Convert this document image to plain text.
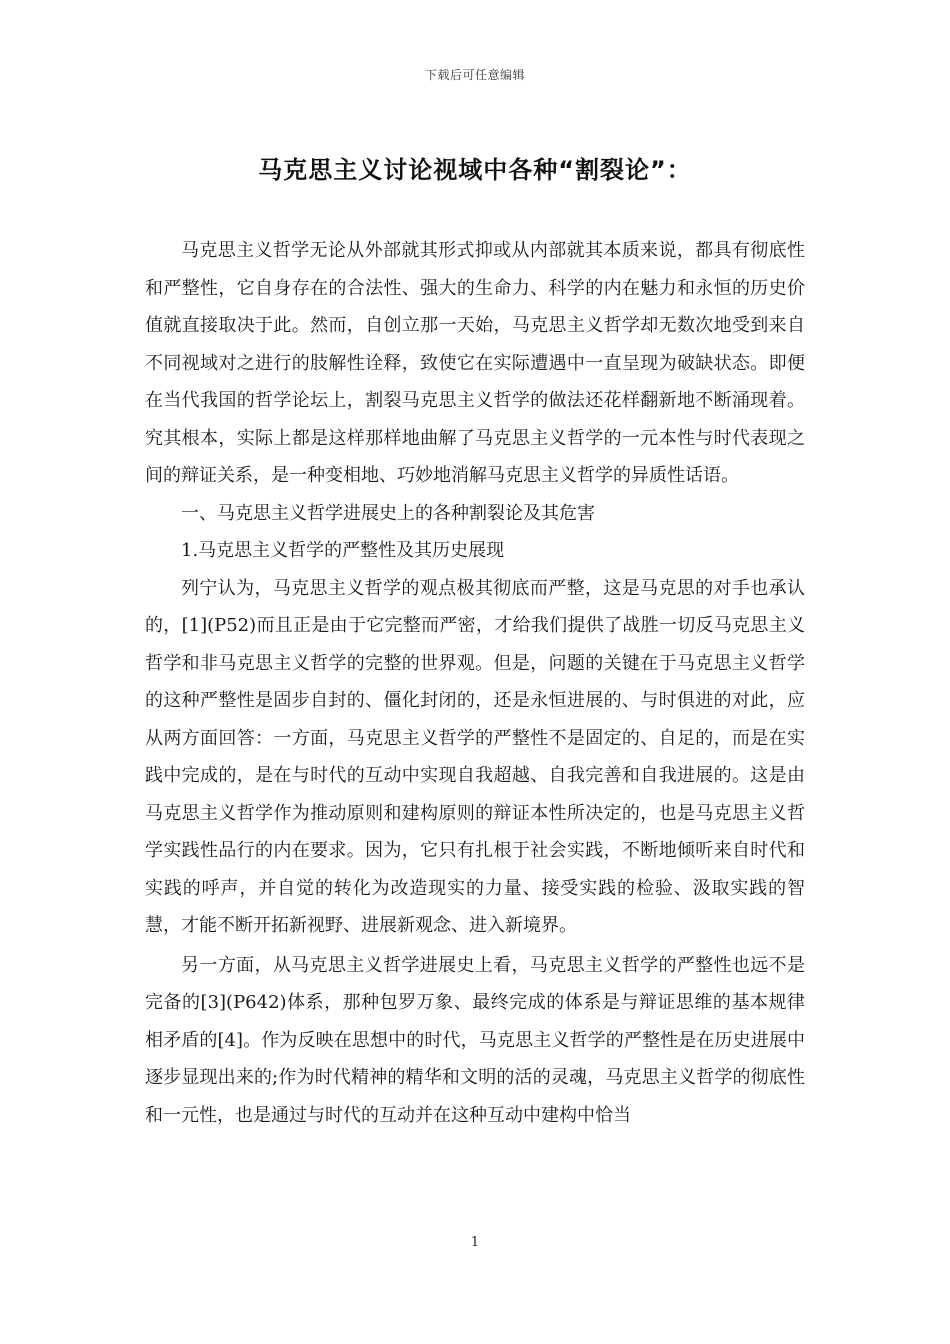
下载后可任意编辑
马克思主义讨论视域中各种“割裂论”：

马克思主义哲学无论从外部就其形式抑或从内部就其本质来说，都具有彻底性和严整性，它自身存在的合法性、强大的生命力、科学的内在魅力和永恒的历史价值就直接取决于此。然而，自创立那一天始，马克思主义哲学却无数次地受到来自不同视域对之进行的肢解性诠释，致使它在实际遭遇中一直呈现为破缺状态。即便在当代我国的哲学论坛上，割裂马克思主义哲学的做法还花样翻新地不断涌现着。究其根本，实际上都是这样那样地曲解了马克思主义哲学的一元本性与时代表现之间的辩证关系，是一种变相地、巧妙地消解马克思主义哲学的异质性话语。

一、马克思主义哲学进展史上的各种割裂论及其危害

1.马克思主义哲学的严整性及其历史展现

列宁认为，马克思主义哲学的观点极其彻底而严整，这是马克思的对手也承认的，[1](P52)而且正是由于它完整而严密，才给我们提供了战胜一切反马克思主义哲学和非马克思主义哲学的完整的世界观。但是，问题的关键在于马克思主义哲学的这种严整性是固步自封的、僵化封闭的，还是永恒进展的、与时俱进的对此，应从两方面回答：一方面，马克思主义哲学的严整性不是固定的、自足的，而是在实践中完成的，是在与时代的互动中实现自我超越、自我完善和自我进展的。这是由马克思主义哲学作为推动原则和建构原则的辩证本性所决定的，也是马克思主义哲学实践性品行的内在要求。因为，它只有扎根于社会实践，不断地倾听来自时代和实践的呼声，并自觉的转化为改造现实的力量、接受实践的检验、汲取实践的智慧，才能不断开拓新视野、进展新观念、进入新境界。

另一方面，从马克思主义哲学进展史上看，马克思主义哲学的严整性也远不是完备的[3](P642)体系，那种包罗万象、最终完成的体系是与辩证思维的基本规律相矛盾的[4]。作为反映在思想中的时代，马克思主义哲学的严整性是在历史进展中逐步显现出来的;作为时代精神的精华和文明的活的灵魂，马克思主义哲学的彻底性和一元性，也是通过与时代的互动并在这种互动中建构中恰当

1
